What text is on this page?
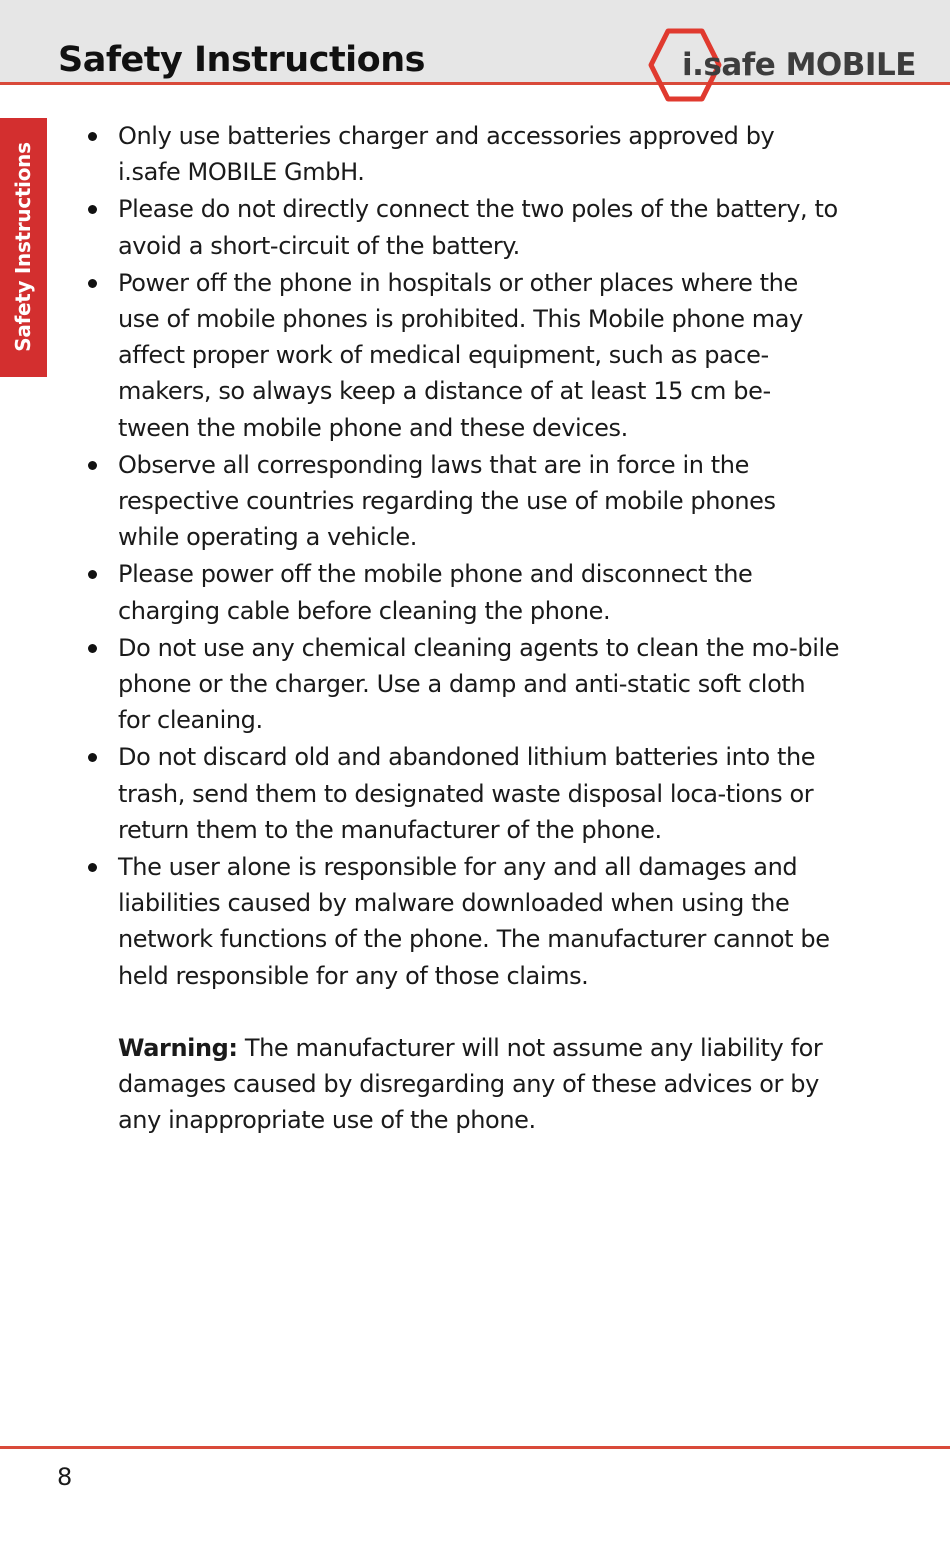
Safety Instructions	i.safe MOBILE
Safety Instructions
Only use batteries charger and accessories approved by i.safe MOBILE GmbH.
Please do not directly connect the two poles of the battery, to avoid a short-circuit of the battery.
Power off the phone in hospitals or other places where the use of mobile phones is prohibited. This Mobile phone may affect proper work of medical equipment, such as pace-makers, so always keep a distance of at least 15 cm be-tween the mobile phone and these devices.
Observe all corresponding laws that are in force in the respective countries regarding the use of mobile phones while operating a vehicle.
Please power off the mobile phone and disconnect the charging cable before cleaning the phone.
Do not use any chemical cleaning agents to clean the mo-bile phone or the charger. Use a damp and anti-static soft cloth for cleaning.
Do not discard old and abandoned lithium batteries into the trash, send them to designated waste disposal loca-tions or return them to the manufacturer of the phone.
The user alone is responsible for any and all damages and liabilities caused by malware downloaded when using the network functions of the phone. The manufacturer cannot be held responsible for any of those claims.

Warning: The manufacturer will not assume any liability for damages caused by disregarding any of these advices or by any inappropriate use of the phone.

8
